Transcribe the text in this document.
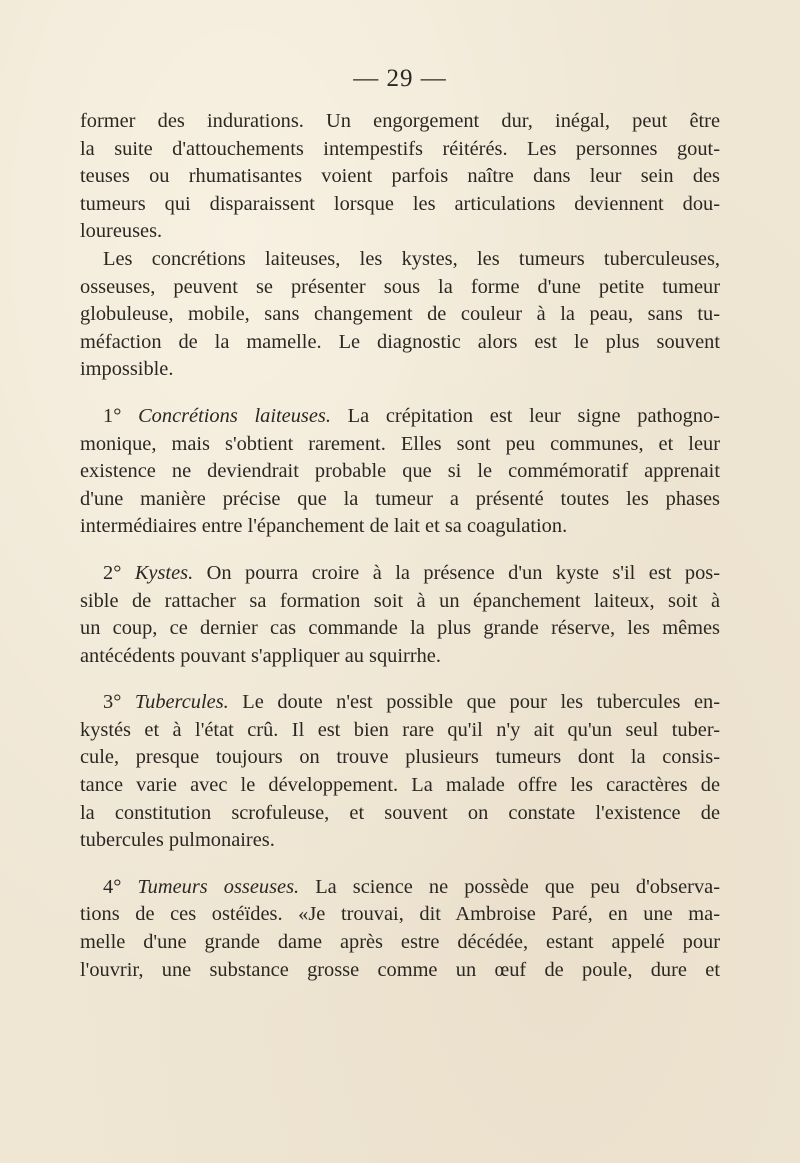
— 29 —

former des indurations. Un engorgement dur, inégal, peut être
la suite d'attouchements intempestifs réitérés. Les personnes gout-
teuses ou rhumatisantes voient parfois naître dans leur sein des
tumeurs qui disparaissent lorsque les articulations deviennent dou-
loureuses.

Les concrétions laiteuses, les kystes, les tumeurs tuberculeuses,
osseuses, peuvent se présenter sous la forme d'une petite tumeur
globuleuse, mobile, sans changement de couleur à la peau, sans tu-
méfaction de la mamelle. Le diagnostic alors est le plus souvent
impossible.

1° Concrétions laiteuses. La crépitation est leur signe pathogno-
monique, mais s'obtient rarement. Elles sont peu communes, et leur
existence ne deviendrait probable que si le commémoratif apprenait
d'une manière précise que la tumeur a présenté toutes les phases
intermédiaires entre l'épanchement de lait et sa coagulation.

2° Kystes. On pourra croire à la présence d'un kyste s'il est pos-
sible de rattacher sa formation soit à un épanchement laiteux, soit à
un coup, ce dernier cas commande la plus grande réserve, les mêmes
antécédents pouvant s'appliquer au squirrhe.

3° Tubercules. Le doute n'est possible que pour les tubercules en-
kystés et à l'état crû. Il est bien rare qu'il n'y ait qu'un seul tuber-
cule, presque toujours on trouve plusieurs tumeurs dont la consis-
tance varie avec le développement. La malade offre les caractères de
la constitution scrofuleuse, et souvent on constate l'existence de
tubercules pulmonaires.

4° Tumeurs osseuses. La science ne possède que peu d'observa-
tions de ces ostéïdes. «Je trouvai, dit Ambroise Paré, en une ma-
melle d'une grande dame après estre décédée, estant appelé pour
l'ouvrir, une substance grosse comme un œuf de poule, dure et
